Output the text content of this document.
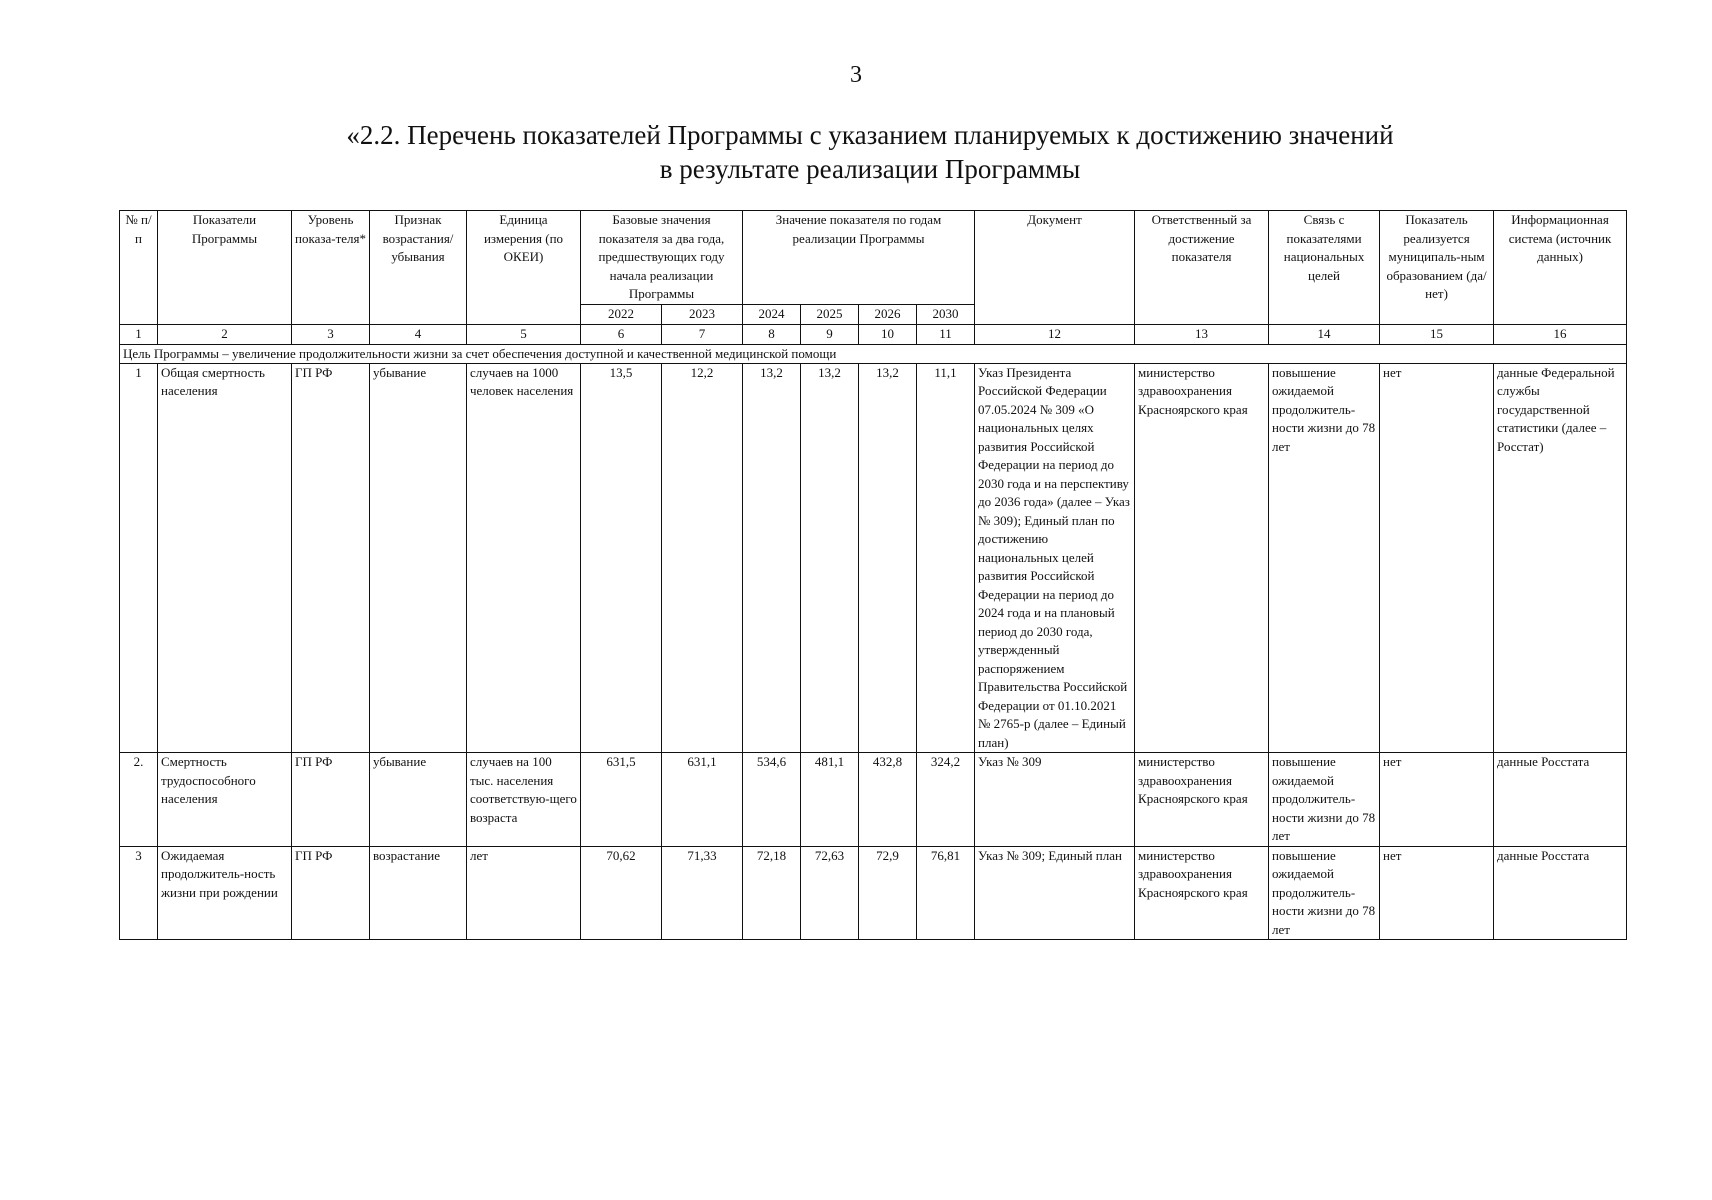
3
«2.2. Перечень показателей Программы с указанием планируемых к достижению значений
в результате реализации Программы
№ п/п	Показатели Программы	Уровень показа-теля*	Признак возрастания/ убывания	Единица измерения (по ОКЕИ)	Базовые значения показателя за два года, предшествующих году начала реализации Программы		Значение показателя по годам реализации Программы				Документ	Ответственный за достижение показателя	Связь с показателями национальных целей	Показатель реализуется муниципаль-ным образованием (да/нет)	Информационная система (источник данных)
					2022	2023	2024	2025	2026	2030					
1	2	3	4	5	6	7	8	9	10	11	12	13	14	15	16
Цель Программы – увеличение продолжительности жизни за счет обеспечения доступной и качественной медицинской помощи															
1	Общая смертность населения	ГП РФ	убывание	случаев на 1000 человек населения	13,5	12,2	13,2	13,2	13,2	11,1	Указ Президента Российской Федерации 07.05.2024 № 309 «О национальных целях развития Российской Федерации на период до 2030 года и на перспективу до 2036 года» (далее – Указ № 309); Единый план по достижению национальных целей развития Российской Федерации на период до 2024 года и на плановый период до 2030 года, утвержденный распоряжением Правительства Российской Федерации от 01.10.2021 № 2765-р (далее – Единый план)	министерство здравоохранения Красноярского края	повышение ожидаемой продолжитель-ности жизни до 78 лет	нет	данные Федеральной службы государственной статистики (далее – Росстат)
2.	Смертность трудоспособного населения	ГП РФ	убывание	случаев на 100 тыс. населения соответствую-щего возраста	631,5	631,1	534,6	481,1	432,8	324,2	Указ № 309	министерство здравоохранения Красноярского края	повышение ожидаемой продолжитель-ности жизни до 78 лет	нет	данные Росстата
3	Ожидаемая продолжитель-ность жизни при рождении	ГП РФ	возрастание	лет	70,62	71,33	72,18	72,63	72,9	76,81	Указ № 309; Единый план	министерство здравоохранения Красноярского края	повышение ожидаемой продолжитель-ности жизни до 78 лет	нет	данные Росстата
